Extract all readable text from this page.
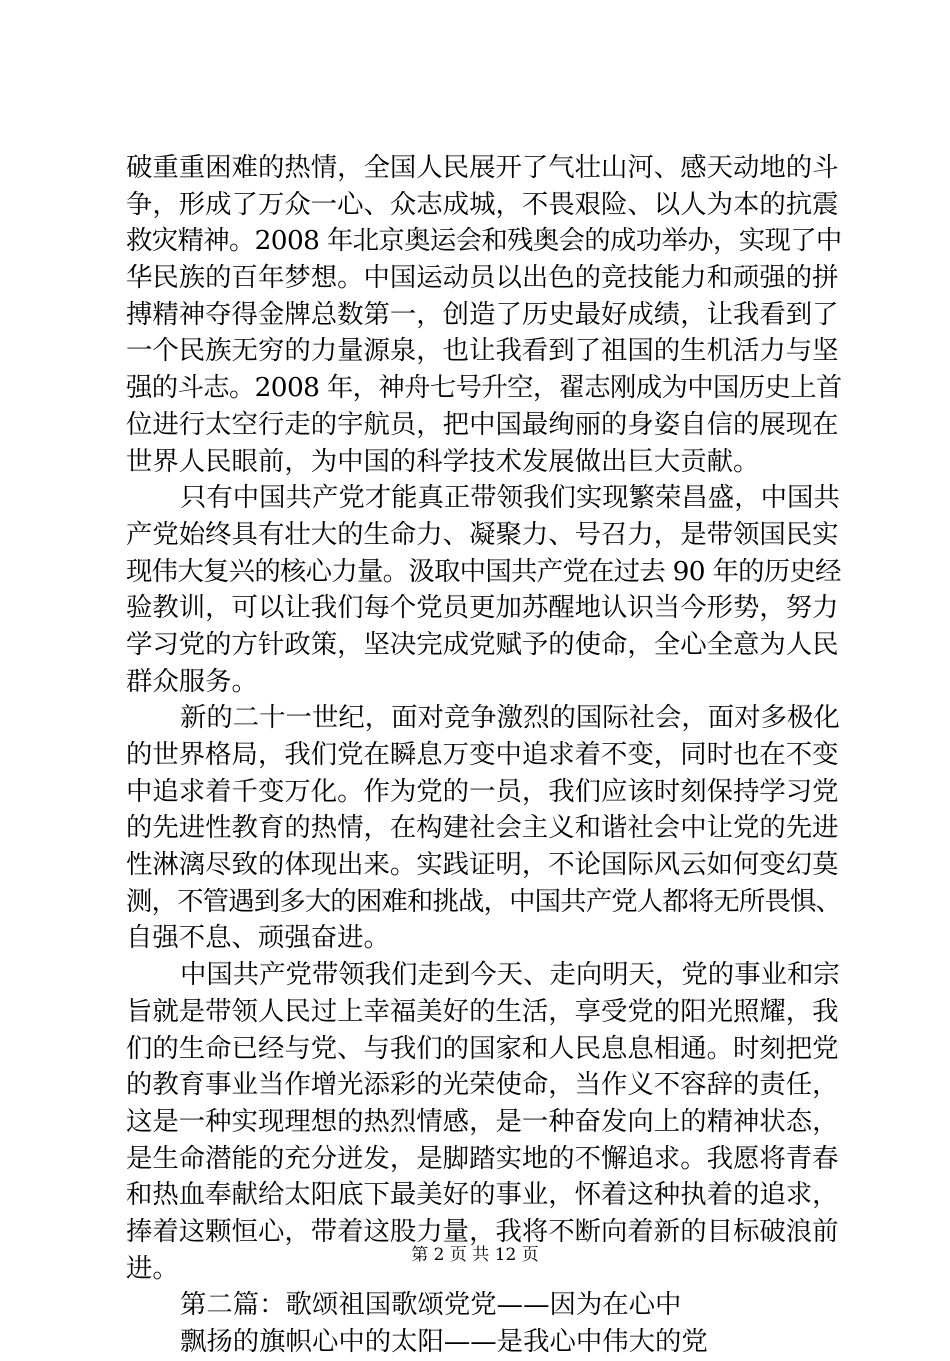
破重重困难的热情，全国人民展开了气壮山河、感天动地的斗
争，形成了万众一心、众志成城，不畏艰险、以人为本的抗震
救灾精神。2008 年北京奥运会和残奥会的成功举办，实现了中
华民族的百年梦想。中国运动员以出色的竞技能力和顽强的拼
搏精神夺得金牌总数第一，创造了历史最好成绩，让我看到了
一个民族无穷的力量源泉，也让我看到了祖国的生机活力与坚
强的斗志。2008 年，神舟七号升空，翟志刚成为中国历史上首
位进行太空行走的宇航员，把中国最绚丽的身姿自信的展现在
世界人民眼前，为中国的科学技术发展做出巨大贡献。
只有中国共产党才能真正带领我们实现繁荣昌盛，中国共
产党始终具有壮大的生命力、凝聚力、号召力，是带领国民实
现伟大复兴的核心力量。汲取中国共产党在过去 90 年的历史经
验教训，可以让我们每个党员更加苏醒地认识当今形势，努力
学习党的方针政策，坚决完成党赋予的使命，全心全意为人民
群众服务。
新的二十一世纪，面对竞争激烈的国际社会，面对多极化
的世界格局，我们党在瞬息万变中追求着不变，同时也在不变
中追求着千变万化。作为党的一员，我们应该时刻保持学习党
的先进性教育的热情，在构建社会主义和谐社会中让党的先进
性淋漓尽致的体现出来。实践证明，不论国际风云如何变幻莫
测，不管遇到多大的困难和挑战，中国共产党人都将无所畏惧、
自强不息、顽强奋进。
中国共产党带领我们走到今天、走向明天，党的事业和宗
旨就是带领人民过上幸福美好的生活，享受党的阳光照耀，我
们的生命已经与党、与我们的国家和人民息息相通。时刻把党
的教育事业当作增光添彩的光荣使命，当作义不容辞的责任，
这是一种实现理想的热烈情感，是一种奋发向上的精神状态，
是生命潜能的充分迸发，是脚踏实地的不懈追求。我愿将青春
和热血奉献给太阳底下最美好的事业，怀着这种执着的追求，
捧着这颗恒心，带着这股力量，我将不断向着新的目标破浪前
进。
第二篇：歌颂祖国歌颂党党——因为在心中
飘扬的旗帜心中的太阳——是我心中伟大的党
第 2 页 共 12 页
